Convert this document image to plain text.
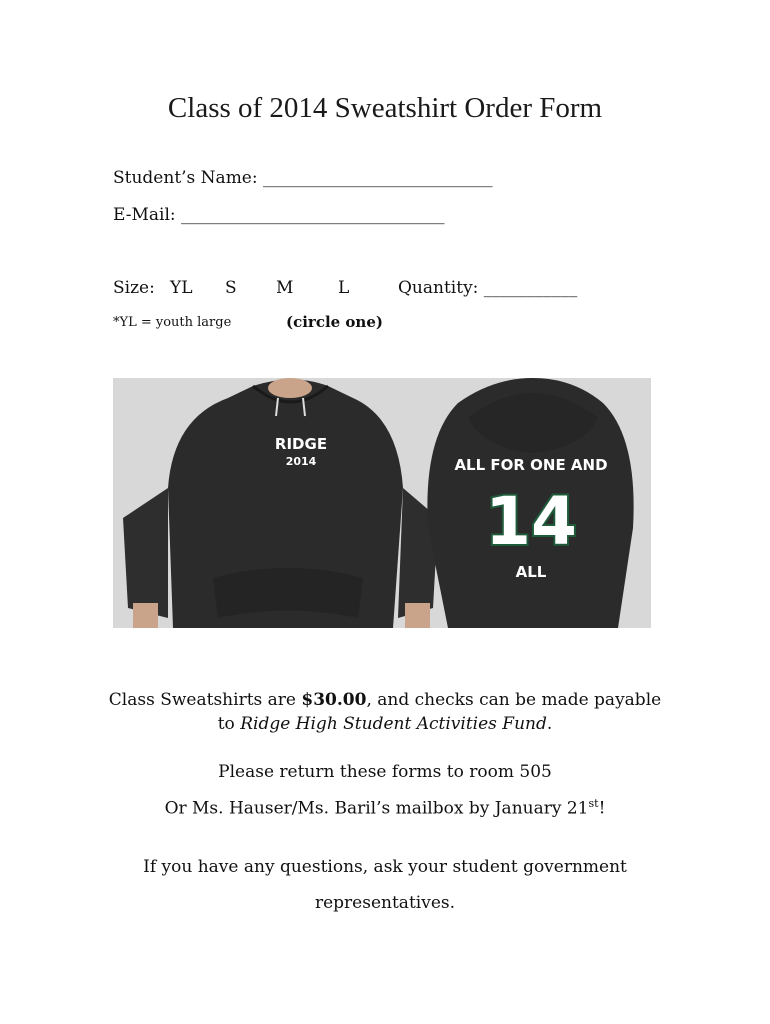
Class of 2014 Sweatshirt Order Form
Student’s Name: ___________________________
E-Mail: _______________________________
Size: YL S M	L	Quantity: ___________
*YL = youth large	(circle one)
RIDGE
2014	ALL FOR ONE AND
14
ALL
Class Sweatshirts are $30.00, and checks can be made payable
to Ridge High Student Activities Fund.
Please return these forms to room 505
Or Ms. Hauser/Ms. Baril’s mailbox by January 21st!
If you have any questions, ask your student government
representatives.
